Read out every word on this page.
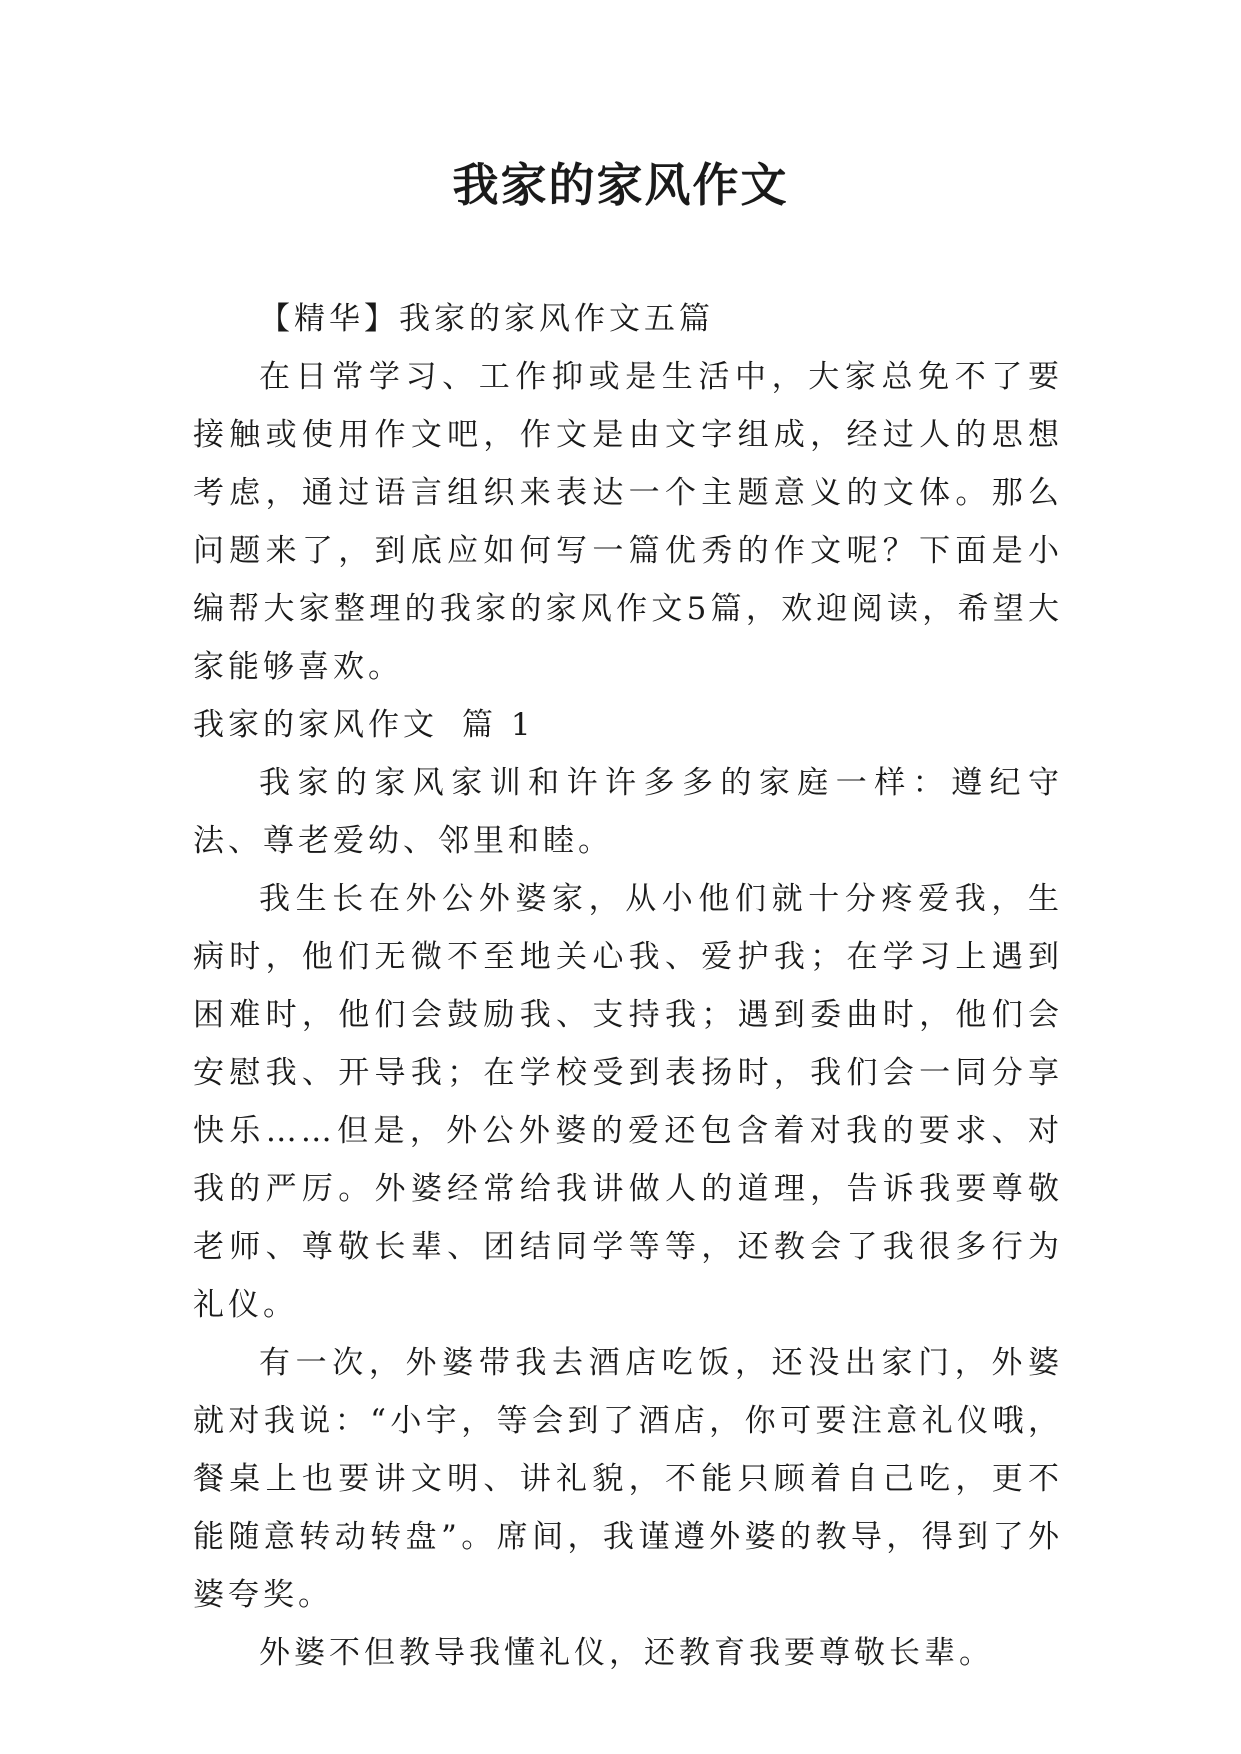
我家的家风作文

【精华】我家的家风作文五篇

在日常学习、工作抑或是生活中，大家总免不了要接触或使用作文吧，作文是由文字组成，经过人的思想考虑，通过语言组织来表达一个主题意义的文体。那么问题来了，到底应如何写一篇优秀的作文呢？下面是小编帮大家整理的我家的家风作文5篇，欢迎阅读，希望大家能够喜欢。

我家的家风作文 篇 1

我家的家风家训和许许多多的家庭一样：遵纪守法、尊老爱幼、邻里和睦。

我生长在外公外婆家，从小他们就十分疼爱我，生病时，他们无微不至地关心我、爱护我；在学习上遇到困难时，他们会鼓励我、支持我；遇到委曲时，他们会安慰我、开导我；在学校受到表扬时，我们会一同分享快乐……但是，外公外婆的爱还包含着对我的要求、对我的严厉。外婆经常给我讲做人的道理，告诉我要尊敬老师、尊敬长辈、团结同学等等，还教会了我很多行为礼仪。

有一次，外婆带我去酒店吃饭，还没出家门，外婆就对我说：“小宇，等会到了酒店，你可要注意礼仪哦，餐桌上也要讲文明、讲礼貌，不能只顾着自己吃，更不能随意转动转盘”。席间，我谨遵外婆的教导，得到了外婆夸奖。

外婆不但教导我懂礼仪，还教育我要尊敬长辈。
